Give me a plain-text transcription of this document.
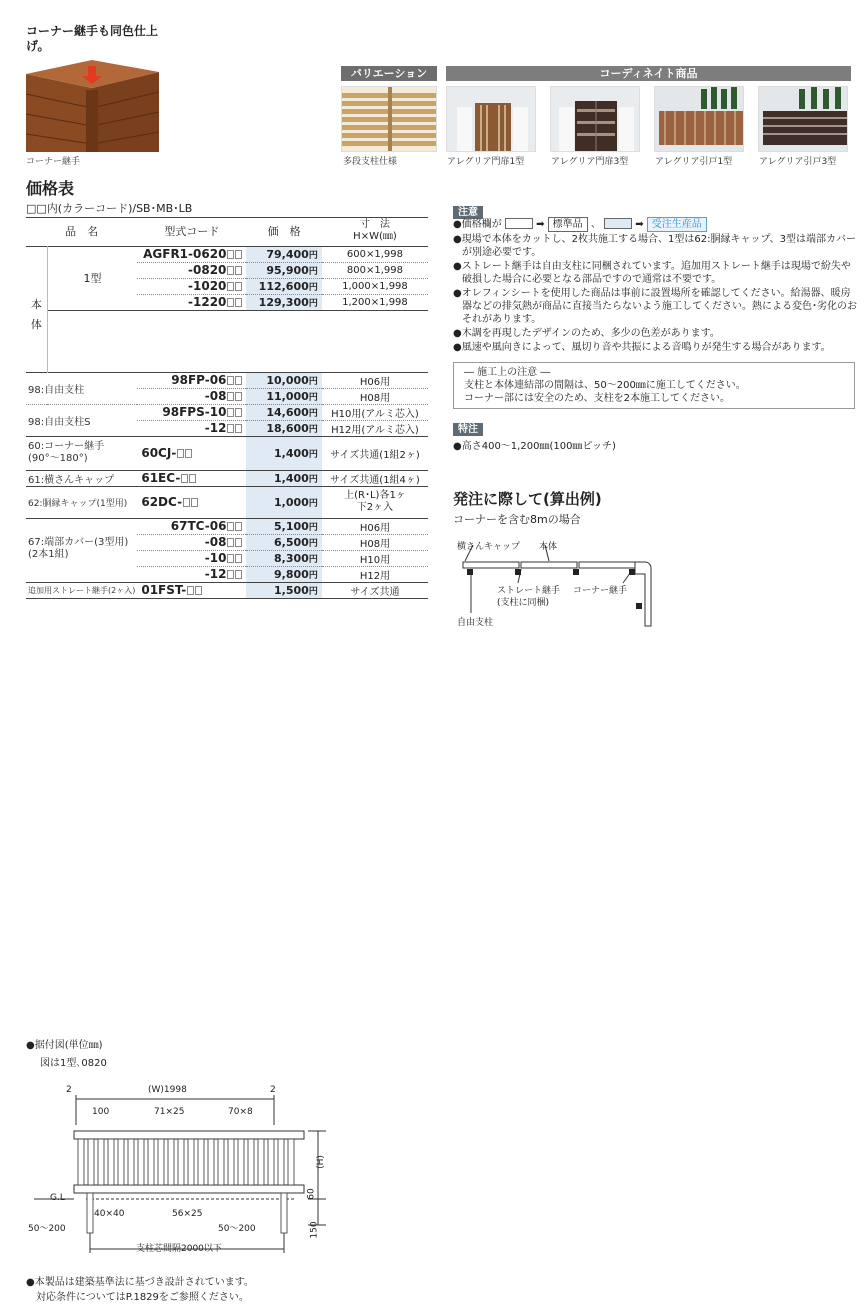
コーナー継手も同色仕上げ。
コーナー継手
バリエーション	コーディネイト商品
多段支柱仕様	アレグリア門扉1型	アレグリア門扉3型	アレグリア引戸1型	アレグリア引戸3型
価格表
□□内(カラーコード)/SB･MB･LB
品　名		型式コード	価　格	寸　法
H×W(㎜)
本
体	1型	AGFR1-0620	79,400円	600×1,998
		-0820	95,900円	800×1,998
		-1020	112,600円	1,000×1,998
		-1220	129,300円	1,200×1,998

98:自由支柱		98FP-06	10,000円	H06用
		-08	11,000円	H08用
98:自由支柱S		98FPS-10	14,600円	H10用(アルミ芯入)
		-12	18,600円	H12用(アルミ芯入)
60:コーナー継手
(90°～180°)		60CJ-	1,400円	サイズ共通(1組2ヶ)
61:横さんキャップ		61EC-	1,400円	サイズ共通(1組4ヶ)
62:胴縁キャップ(1型用)		62DC-	1,000円	上(R･L)各1ヶ
下2ヶ入
67:端部カバー(3型用)
(2本1組)		67TC-06	5,100円	H06用
		-08	6,500円	H08用
		-10	8,300円	H10用
		-12	9,800円	H12用
追加用ストレート継手(2ヶ入)		01FST-	1,500円	サイズ共通
注意

●価格欄が	➡ 標準品 、	➡ 受注生産品

●現場で本体をカットし、2枚共施工する場合、1型は62:胴縁キャップ、3型は端部カバーが別途必要です。

●ストレート継手は自由支柱に同梱されています。追加用ストレート継手は現場で紛失や破損した場合に必要となる部品ですので通常は不要です。

●オレフィンシートを使用した商品は事前に設置場所を確認してください。給湯器、暖房器などの排気熱が商品に直接当たらないよう施工してください。熱による変色･劣化のおそれがあります。

●木調を再現したデザインのため、多少の色差があります。

●風速や風向きによって、風切り音や共振による音鳴りが発生する場合があります。

― 施工上の注意 ―
支柱と本体連結部の間隔は、50～200㎜に施工してください。
コーナー部には安全のため、支柱を2本施工してください。
特注
●高さ400～1,200㎜(100㎜ピッチ)
発注に際して(算出例)
コーナーを含む8mの場合
横さんキャップ 本体
ストレート継手
(支柱に同梱)
コーナー継手
自由支柱
●据付図(単位㎜)
図は1型､0820
2	(W)1998	2
100	71×25	70×8
(H)
G.L	60
40×40	56×25
50～200	50～200	150
支柱芯間隔2000以下
●本製品は建築基準法に基づき設計されています。
対応条件についてはP.1829をご参照ください。
